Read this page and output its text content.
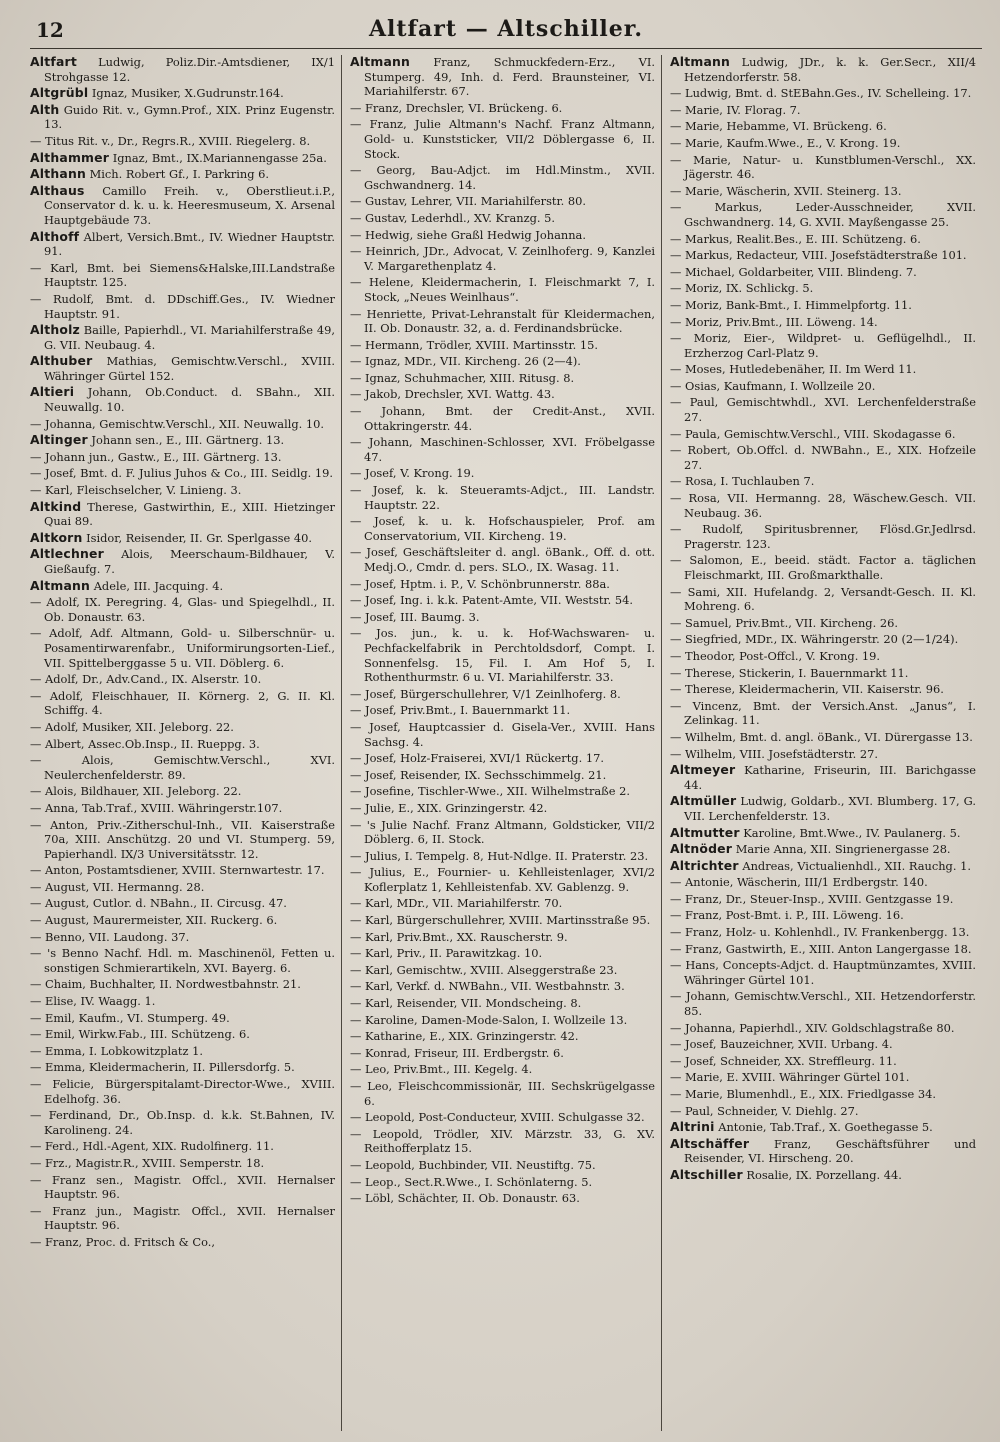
12	Altfart — Altschiller.

Altfart Ludwig, Poliz.Dir.-Amtsdiener, IX/1 Strohgasse 12.

Altgrübl Ignaz, Musiker, X.Gudrunstr.164.

Alth Guido Rit. v., Gymn.Prof., XIX. Prinz Eugenstr. 13.

— Titus Rit. v., Dr., Regrs.R., XVIII. Riegelerg. 8.

Althammer Ignaz, Bmt., IX.Mariannengasse 25a.

Althann Mich. Robert Gf., I. Parkring 6.

Althaus Camillo Freih. v., Oberstlieut.i.P., Conservator d. k. u. k. Heeresmuseum, X. Arsenal Hauptgebäude 73.

Althoff Albert, Versich.Bmt., IV. Wiedner Hauptstr. 91.

— Karl, Bmt. bei Siemens&Halske,III.Landstraße Hauptstr. 125.

— Rudolf, Bmt. d. DDschiff.Ges., IV. Wiedner Hauptstr. 91.

Altholz Baille, Papierhdl., VI. Mariahilferstraße 49, G. VII. Neubaug. 4.

Althuber Mathias, Gemischtw.Verschl., XVIII. Währinger Gürtel 152.

Altieri Johann, Ob.Conduct. d. SBahn., XII. Neuwallg. 10.

— Johanna, Gemischtw.Verschl., XII. Neuwallg. 10.

Altinger Johann sen., E., III. Gärtnerg. 13.

— Johann jun., Gastw., E., III. Gärtnerg. 13.

— Josef, Bmt. d. F. Julius Juhos & Co., III. Seidlg. 19.

— Karl, Fleischselcher, V. Linieng. 3.

Altkind Therese, Gastwirthin, E., XIII. Hietzinger Quai 89.

Altkorn Isidor, Reisender, II. Gr. Sperlgasse 40.

Altlechner Alois, Meerschaum-Bildhauer, V. Gießaufg. 7.

Altmann Adele, III. Jacquing. 4.

— Adolf, IX. Peregring. 4, Glas- und Spiegelhdl., II. Ob. Donaustr. 63.

— Adolf, Adf. Altmann, Gold- u. Silberschnür- u. Posamentirwarenfabr., Uniformirungsorten-Lief., VII. Spittelberggasse 5 u. VII. Döblerg. 6.

— Adolf, Dr., Adv.Cand., IX. Alserstr. 10.

— Adolf, Fleischhauer, II. Körnerg. 2, G. II. Kl. Schiffg. 4.

— Adolf, Musiker, XII. Jeleborg. 22.

— Albert, Assec.Ob.Insp., II. Rueppg. 3.

— Alois, Gemischtw.Verschl., XVI. Neulerchenfelderstr. 89.

— Alois, Bildhauer, XII. Jeleborg. 22.

— Anna, Tab.Traf., XVIII. Währingerstr.107.

— Anton, Priv.-Zitherschul-Inh., VII. Kaiserstraße 70a, XIII. Anschützg. 20 und VI. Stumperg. 59, Papierhandl. IX/3 Universitätsstr. 12.

— Anton, Postamtsdiener, XVIII. Sternwartestr. 17.

— August, VII. Hermanng. 28.

— August, Cutlor. d. NBahn., II. Circusg. 47.

— August, Maurermeister, XII. Ruckerg. 6.

— Benno, VII. Laudong. 37.

— 's Benno Nachf. Hdl. m. Maschinenöl, Fetten u. sonstigen Schmierartikeln, XVI. Bayerg. 6.

— Chaim, Buchhalter, II. Nordwestbahnstr. 21.

— Elise, IV. Waagg. 1.

— Emil, Kaufm., VI. Stumperg. 49.

— Emil, Wirkw.Fab., III. Schützeng. 6.

— Emma, I. Lobkowitzplatz 1.

— Emma, Kleidermacherin, II. Pillersdorfg. 5.

— Felicie, Bürgerspitalamt-Director-Wwe., XVIII. Edelhofg. 36.

— Ferdinand, Dr., Ob.Insp. d. k.k. St.Bahnen, IV. Karolineng. 24.

— Ferd., Hdl.-Agent, XIX. Rudolfinerg. 11.

— Frz., Magistr.R., XVIII. Semperstr. 18.

— Franz sen., Magistr. Offcl., XVII. Hernalser Hauptstr. 96.

— Franz jun., Magistr. Offcl., XVII. Hernalser Hauptstr. 96.

— Franz, Proc. d. Fritsch & Co.,

Altmann Franz, Schmuckfedern-Erz., VI. Stumperg. 49, Inh. d. Ferd. Braunsteiner, VI. Mariahilferstr. 67.

— Franz, Drechsler, VI. Brückeng. 6.

— Franz, Julie Altmann's Nachf. Franz Altmann, Gold- u. Kunststicker, VII/2 Döblergasse 6, II. Stock.

— Georg, Bau-Adjct. im Hdl.Minstm., XVII. Gschwandnerg. 14.

— Gustav, Lehrer, VII. Mariahilferstr. 80.

— Gustav, Lederhdl., XV. Kranzg. 5.

— Hedwig, siehe Graßl Hedwig Johanna.

— Heinrich, JDr., Advocat, V. Zeinlhoferg. 9, Kanzlei V. Margarethenplatz 4.

— Helene, Kleidermacherin, I. Fleischmarkt 7, I. Stock, „Neues Weinlhaus“.

— Henriette, Privat-Lehranstalt für Kleidermachen, II. Ob. Donaustr. 32, a. d. Ferdinandsbrücke.

— Hermann, Trödler, XVIII. Martinsstr. 15.

— Ignaz, MDr., VII. Kircheng. 26 (2—4).

— Ignaz, Schuhmacher, XIII. Ritusg. 8.

— Jakob, Drechsler, XVI. Wattg. 43.

— Johann, Bmt. der Credit-Anst., XVII. Ottakringerstr. 44.

— Johann, Maschinen-Schlosser, XVI. Fröbelgasse 47.

— Josef, V. Krong. 19.

— Josef, k. k. Steueramts-Adjct., III. Landstr. Hauptstr. 22.

— Josef, k. u. k. Hofschauspieler, Prof. am Conservatorium, VII. Kircheng. 19.

— Josef, Geschäftsleiter d. angl. öBank., Off. d. ott. Medj.O., Cmdr. d. pers. SLO., IX. Wasag. 11.

— Josef, Hptm. i. P., V. Schönbrunnerstr. 88a.

— Josef, Ing. i. k.k. Patent-Amte, VII. Weststr. 54.

— Josef, III. Baumg. 3.

— Jos. jun., k. u. k. Hof-Wachswaren- u. Pechfackelfabrik in Perchtoldsdorf, Compt. I. Sonnenfelsg. 15, Fil. I. Am Hof 5, I. Rothenthurmstr. 6 u. VI. Mariahilferstr. 33.

— Josef, Bürgerschullehrer, V/1 Zeinlhoferg. 8.

— Josef, Priv.Bmt., I. Bauernmarkt 11.

— Josef, Hauptcassier d. Gisela-Ver., XVIII. Hans Sachsg. 4.

— Josef, Holz-Fraiserei, XVI/1 Rückertg. 17.

— Josef, Reisender, IX. Sechsschimmelg. 21.

— Josefine, Tischler-Wwe., XII. Wilhelmstraße 2.

— Julie, E., XIX. Grinzingerstr. 42.

— 's Julie Nachf. Franz Altmann, Goldsticker, VII/2 Döblerg. 6, II. Stock.

— Julius, I. Tempelg. 8, Hut-Ndlge. II. Praterstr. 23.

— Julius, E., Fournier- u. Kehlleistenlager, XVI/2 Koflerplatz 1, Kehlleistenfab. XV. Gablenzg. 9.

— Karl, MDr., VII. Mariahilferstr. 70.

— Karl, Bürgerschullehrer, XVIII. Martinsstraße 95.

— Karl, Priv.Bmt., XX. Rauscherstr. 9.

— Karl, Priv., II. Parawitzkag. 10.

— Karl, Gemischtw., XVIII. Alseggerstraße 23.

— Karl, Verkf. d. NWBahn., VII. Westbahnstr. 3.

— Karl, Reisender, VII. Mondscheing. 8.

— Karoline, Damen-Mode-Salon, I. Wollzeile 13.

— Katharine, E., XIX. Grinzingerstr. 42.

— Konrad, Friseur, III. Erdbergstr. 6.

— Leo, Priv.Bmt., III. Kegelg. 4.

— Leo, Fleischcommissionär, III. Sechskrügelgasse 6.

— Leopold, Post-Conducteur, XVIII. Schulgasse 32.

— Leopold, Trödler, XIV. Märzstr. 33, G. XV. Reithofferplatz 15.

— Leopold, Buchbinder, VII. Neustiftg. 75.

— Leop., Sect.R.Wwe., I. Schönlaterng. 5.

— Löbl, Schächter, II. Ob. Donaustr. 63.

Altmann Ludwig, JDr., k. k. Ger.Secr., XII/4 Hetzendorferstr. 58.

— Ludwig, Bmt. d. StEBahn.Ges., IV. Schelleing. 17.

— Marie, IV. Florag. 7.

— Marie, Hebamme, VI. Brückeng. 6.

— Marie, Kaufm.Wwe., E., V. Krong. 19.

— Marie, Natur- u. Kunstblumen-Verschl., XX. Jägerstr. 46.

— Marie, Wäscherin, XVII. Steinerg. 13.

— Markus, Leder-Ausschneider, XVII. Gschwandnerg. 14, G. XVII. Mayßengasse 25.

— Markus, Realit.Bes., E. III. Schützeng. 6.

— Markus, Redacteur, VIII. Josefstädterstraße 101.

— Michael, Goldarbeiter, VIII. Blindeng. 7.

— Moriz, IX. Schlickg. 5.

— Moriz, Bank-Bmt., I. Himmelpfortg. 11.

— Moriz, Priv.Bmt., III. Löweng. 14.

— Moriz, Eier-, Wildpret- u. Geflügelhdl., II. Erzherzog Carl-Platz 9.

— Moses, Hutledebenäher, II. Im Werd 11.

— Osias, Kaufmann, I. Wollzeile 20.

— Paul, Gemischtwhdl., XVI. Lerchenfelderstraße 27.

— Paula, Gemischtw.Verschl., VIII. Skodagasse 6.

— Robert, Ob.Offcl. d. NWBahn., E., XIX. Hofzeile 27.

— Rosa, I. Tuchlauben 7.

— Rosa, VII. Hermanng. 28, Wäschew.Gesch. VII. Neubaug. 36.

— Rudolf, Spiritusbrenner, Flösd.Gr.Jedlrsd. Pragerstr. 123.

— Salomon, E., beeid. städt. Factor a. täglichen Fleischmarkt, III. Großmarkthalle.

— Sami, XII. Hufelandg. 2, Versandt-Gesch. II. Kl. Mohreng. 6.

— Samuel, Priv.Bmt., VII. Kircheng. 26.

— Siegfried, MDr., IX. Währingerstr. 20 (2—1/24).

— Theodor, Post-Offcl., V. Krong. 19.

— Therese, Stickerin, I. Bauernmarkt 11.

— Therese, Kleidermacherin, VII. Kaiserstr. 96.

— Vincenz, Bmt. der Versich.Anst. „Janus“, I. Zelinkag. 11.

— Wilhelm, Bmt. d. angl. öBank., VI. Dürergasse 13.

— Wilhelm, VIII. Josefstädterstr. 27.

Altmeyer Katharine, Friseurin, III. Barichgasse 44.

Altmüller Ludwig, Goldarb., XVI. Blumberg. 17, G. VII. Lerchenfelderstr. 13.

Altmutter Karoline, Bmt.Wwe., IV. Paulanerg. 5.

Altnöder Marie Anna, XII. Singrienergasse 28.

Altrichter Andreas, Victualienhdl., XII. Rauchg. 1.

— Antonie, Wäscherin, III/1 Erdbergstr. 140.

— Franz, Dr., Steuer-Insp., XVIII. Gentzgasse 19.

— Franz, Post-Bmt. i. P., III. Löweng. 16.

— Franz, Holz- u. Kohlenhdl., IV. Frankenbergg. 13.

— Franz, Gastwirth, E., XIII. Anton Langergasse 18.

— Hans, Concepts-Adjct. d. Hauptmünzamtes, XVIII. Währinger Gürtel 101.

— Johann, Gemischtw.Verschl., XII. Hetzendorferstr. 85.

— Johanna, Papierhdl., XIV. Goldschlagstraße 80.

— Josef, Bauzeichner, XVII. Urbang. 4.

— Josef, Schneider, XX. Streffleurg. 11.

— Marie, E. XVIII. Währinger Gürtel 101.

— Marie, Blumenhdl., E., XIX. Friedlgasse 34.

— Paul, Schneider, V. Diehlg. 27.

Altrini Antonie, Tab.Traf., X. Goethegasse 5.

Altschäffer Franz, Geschäftsführer und Reisender, VI. Hirscheng. 20.

Altschiller Rosalie, IX. Porzellang. 44.
